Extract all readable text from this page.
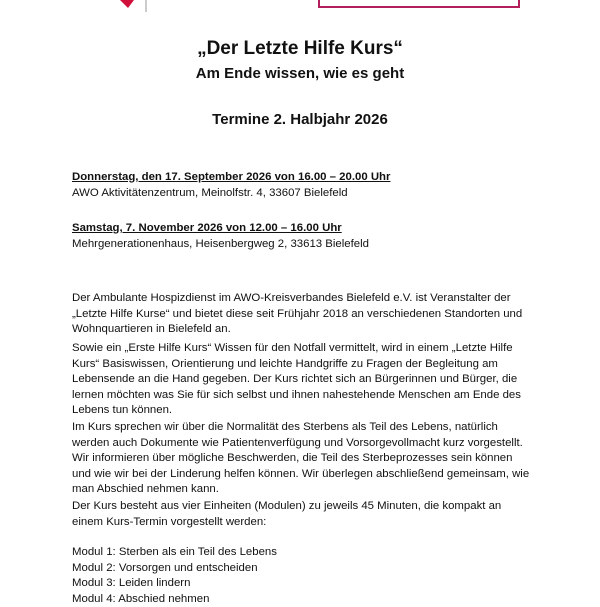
„Der Letzte Hilfe Kurs“
Am Ende wissen, wie es geht
Termine 2. Halbjahr 2026
Donnerstag, den 17. September 2026 von 16.00 – 20.00 Uhr
AWO Aktivitätenzentrum, Meinolfstr. 4, 33607 Bielefeld
Samstag, 7. November 2026 von 12.00 – 16.00 Uhr
Mehrgenerationenhaus, Heisenbergweg 2, 33613 Bielefeld

Der Ambulante Hospizdienst im AWO-Kreisverbandes Bielefeld e.V. ist Veranstalter der „Letzte Hilfe Kurse“ und bietet diese seit Frühjahr 2018 an verschiedenen Standorten und Wohnquartieren in Bielefeld an.

Sowie ein „Erste Hilfe Kurs“ Wissen für den Notfall vermittelt, wird in einem „Letzte Hilfe Kurs“ Basiswissen, Orientierung und leichte Handgriffe zu Fragen der Begleitung am Lebensende an die Hand gegeben. Der Kurs richtet sich an Bürgerinnen und Bürger, die lernen möchten was Sie für sich selbst und ihnen nahestehende Menschen am Ende des Lebens tun können.

Im Kurs sprechen wir über die Normalität des Sterbens als Teil des Lebens, natürlich werden auch Dokumente wie Patientenverfügung und Vorsorgevollmacht kurz vorgestellt. Wir informieren über mögliche Beschwerden, die Teil des Sterbeprozesses sein können und wie wir bei der Linderung helfen können. Wir überlegen abschließend gemeinsam, wie man Abschied nehmen kann.

Der Kurs besteht aus vier Einheiten (Modulen) zu jeweils 45 Minuten, die kompakt an einem Kurs-Termin vorgestellt werden:

Modul 1: Sterben als ein Teil des Lebens
Modul 2: Vorsorgen und entscheiden
Modul 3: Leiden lindern
Modul 4: Abschied nehmen
